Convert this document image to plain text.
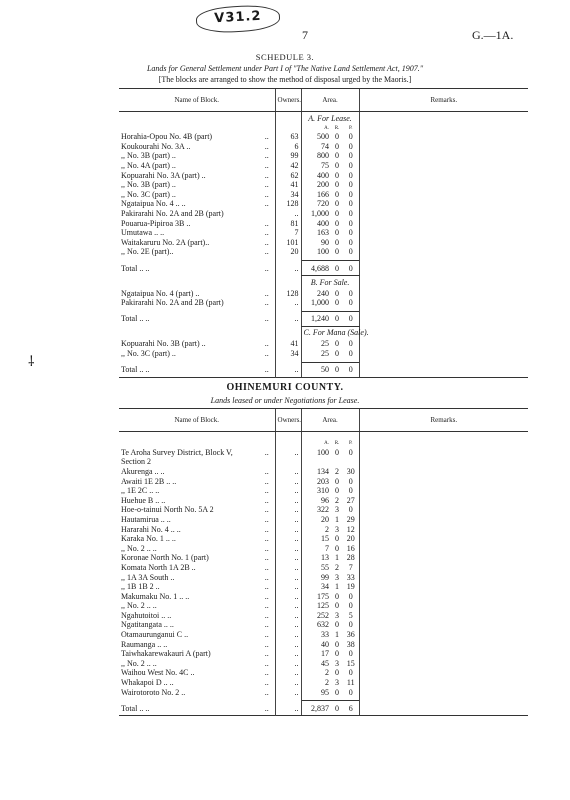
V31.2
7	G.—1A.
SCHEDULE 3.
Lands for General Settlement under Part I of "The Native Land Settlement Act, 1907."
[The blocks are arranged to show the method of disposal urged by the Maoris.]
⸸
Name of Block.		Owners.	Area.			Remarks.
			A. For Lease.			
			A.	R.	P.	
Horahia-Opou No. 4B (part)	..	63	500	0	0	
Koukourahi No. 3A ..	..	6	74	0	0	
,, No. 3B (part) ..	..	99	800	0	0	
,, No. 4A (part) ..	..	42	75	0	0	
Kopuarahi No. 3A (part) ..	..	62	400	0	0	
,, No. 3B (part) ..	..	41	200	0	0	
,, No. 3C (part) ..	..	34	166	0	0	
Ngataipua No. 4 .. ..	..	128	720	0	0	
Pakirarahi No. 2A and 2B (part)		..	1,000	0	0	
Pouarua-Pipiroa 3B ..	..	81	400	0	0	
Umutawa .. ..	..	7	163	0	0	
Waitakaruru No. 2A (part)..	..	101	90	0	0	
,, No. 2E (part)..	..	20	100	0	0	

Total .. ..	..	..	4,688	0	0	
			B. For Sale.			
Ngataipua No. 4 (part) ..	..	128	240	0	0	
Pakirarahi No. 2A and 2B (part)	..	..	1,000	0	0	

Total .. ..	..	..	1,240	0	0	
			C. For Mana (Sale).			
Kopuarahi No. 3B (part) ..	..	41	25	0	0	
,, No. 3C (part) ..	..	34	25	0	0	

Total .. ..	..	..	50	0	0	
OHINEMURI COUNTY.
Lands leased or under Negotiations for Lease.
Name of Block.		Owners.	Area.			Remarks.

			A.	R.	P.	
Te Aroha Survey District, Block V,	..	..	100	0	0	
Section 2						
Akurenga .. ..	..	..	134	2	30	
Awaiti 1E 2B .. ..	..	..	203	0	0	
,, 1E 2C .. ..	..	..	310	0	0	
Huehue B .. ..	..	..	96	2	27	
Hoe-o-tainui North No. 5A 2	..	..	322	3	0	
Hautamirua .. ..	..	..	20	1	29	
Hararahi No. 4 .. ..	..	..	2	3	12	
Karaka No. 1 .. ..	..	..	15	0	20	
,, No. 2 .. ..	..	..	7	0	16	
Koronae North No. 1 (part)	..	..	13	1	28	
Komata North 1A 2B ..	..	..	55	2	7	
,, 1A 3A South ..	..	..	99	3	33	
,, 1B 1B 2 ..	..	..	34	1	19	
Makumaku No. 1 .. ..	..	..	175	0	0	
,, No. 2 .. ..	..	..	125	0	0	
Ngahutoitoi .. ..	..	..	252	3	5	
Ngatitangata .. ..	..	..	632	0	0	
Otamaurunganui C ..	..	..	33	1	36	
Raumanga .. ..	..	..	40	0	38	
Taiwhakarewakauri A (part)	..	..	17	0	0	
,, No. 2 .. ..	..	..	45	3	15	
Waihou West No. 4C ..	..	..	2	0	0	
Whakapoi D .. ..	..	..	2	3	11	
Wairotoroto No. 2 ..	..	..	95	0	0	

Total .. ..	..	..	2,837	0	6	
